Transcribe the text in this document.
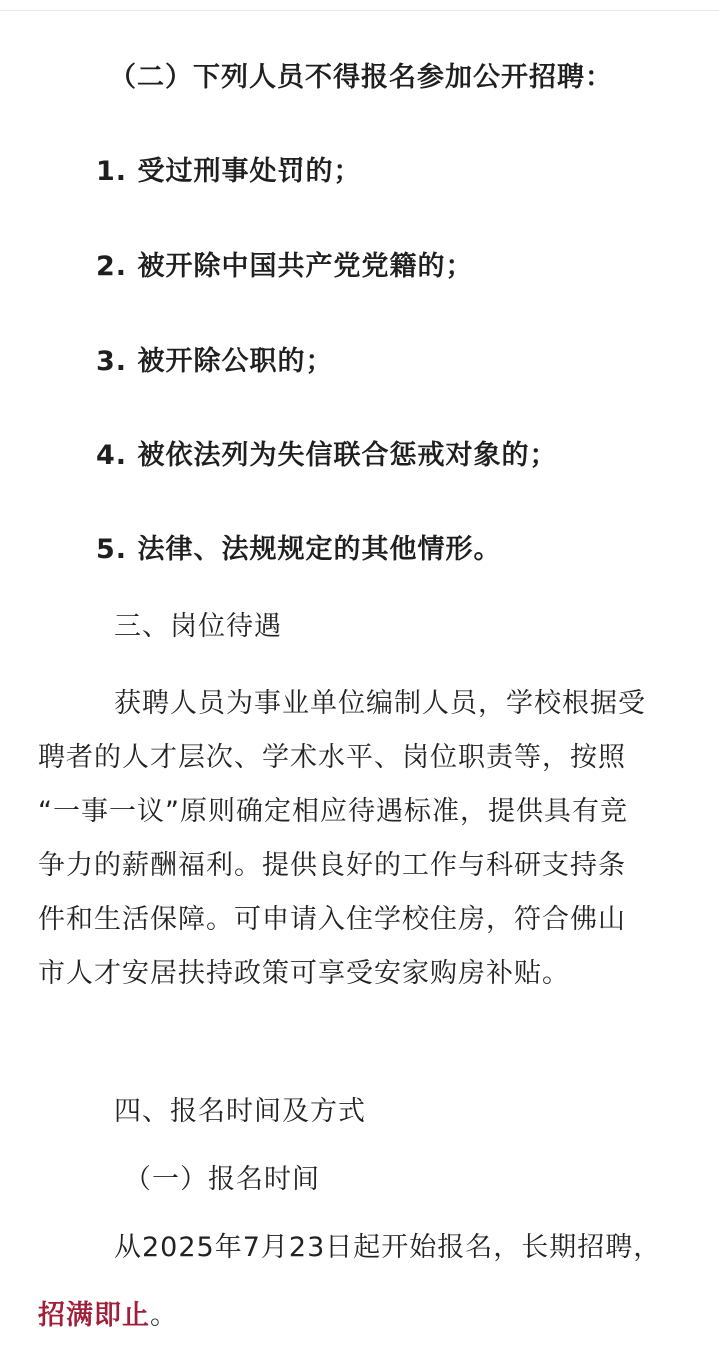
（二）下列人员不得报名参加公开招聘：
1. 受过刑事处罚的；
2. 被开除中国共产党党籍的；
3. 被开除公职的；
4. 被依法列为失信联合惩戒对象的；
5. 法律、法规规定的其他情形。
三、岗位待遇
获聘人员为事业单位编制人员，学校根据受
聘者的人才层次、学术水平、岗位职责等，按照
“一事一议”原则确定相应待遇标准，提供具有竞
争力的薪酬福利。提供良好的工作与科研支持条
件和生活保障。可申请入住学校住房，符合佛山
市人才安居扶持政策可享受安家购房补贴。
四、报名时间及方式
（一）报名时间
从2025年7月23日起开始报名，长期招聘，
招满即止。
